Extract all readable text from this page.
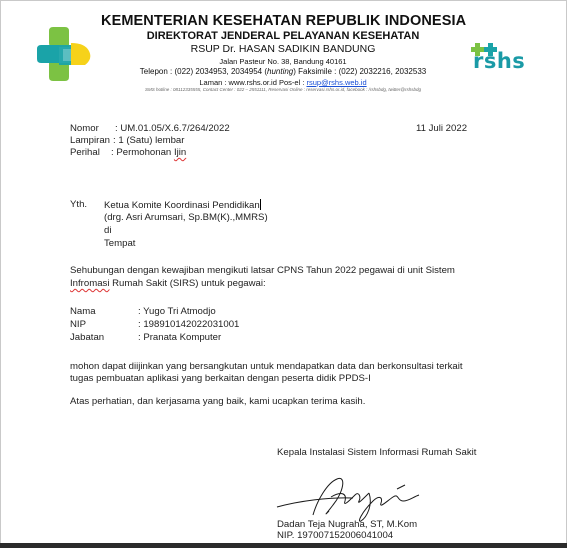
KEMENTERIAN KESEHATAN REPUBLIK INDONESIA
DIREKTORAT JENDERAL PELAYANAN KESEHATAN
RSUP Dr. HASAN SADIKIN BANDUNG
Jalan Pasteur No. 38, Bandung 40161
Telepon : (022) 2034953, 2034954 (hunting) Faksimile : (022) 2032216, 2032533
Laman : www.rshs.or.id Pos-el : rsup@rshs.web.id
SMS hotline : 08112335555, Contact Center : 022 – 2551111, Reservasi Online : reservasi.rshs.or.id, facebook : /rshsbdg, twitter@rshsbdg
rshs
Nomor : UM.01.05/X.6.7/264/2022	11 Juli 2022
Lampiran : 1 (Satu) lembar
Perihal : Permohonan Ijin
Yth. Ketua Komite Koordinasi Pendidikan
(drg. Asri Arumsari, Sp.BM(K).,MMRS)
di
Tempat
Sehubungan dengan kewajiban mengikuti latsar CPNS Tahun 2022 pegawai di unit Sistem
Infromasi Rumah Sakit (SIRS) untuk pegawai:
Nama	: Yugo Tri Atmodjo
NIP	: 198910142022031001
Jabatan	: Pranata Komputer
mohon dapat diijinkan yang bersangkutan untuk mendapatkan data dan berkonsultasi terkait
tugas pembuatan aplikasi yang berkaitan dengan peserta didik PPDS-I
Atas perhatian, dan kerjasama yang baik, kami ucapkan terima kasih.
Kepala Instalasi Sistem Informasi Rumah Sakit
Dadan Teja Nugraha, ST, M.Kom
NIP. 197007152006041004
